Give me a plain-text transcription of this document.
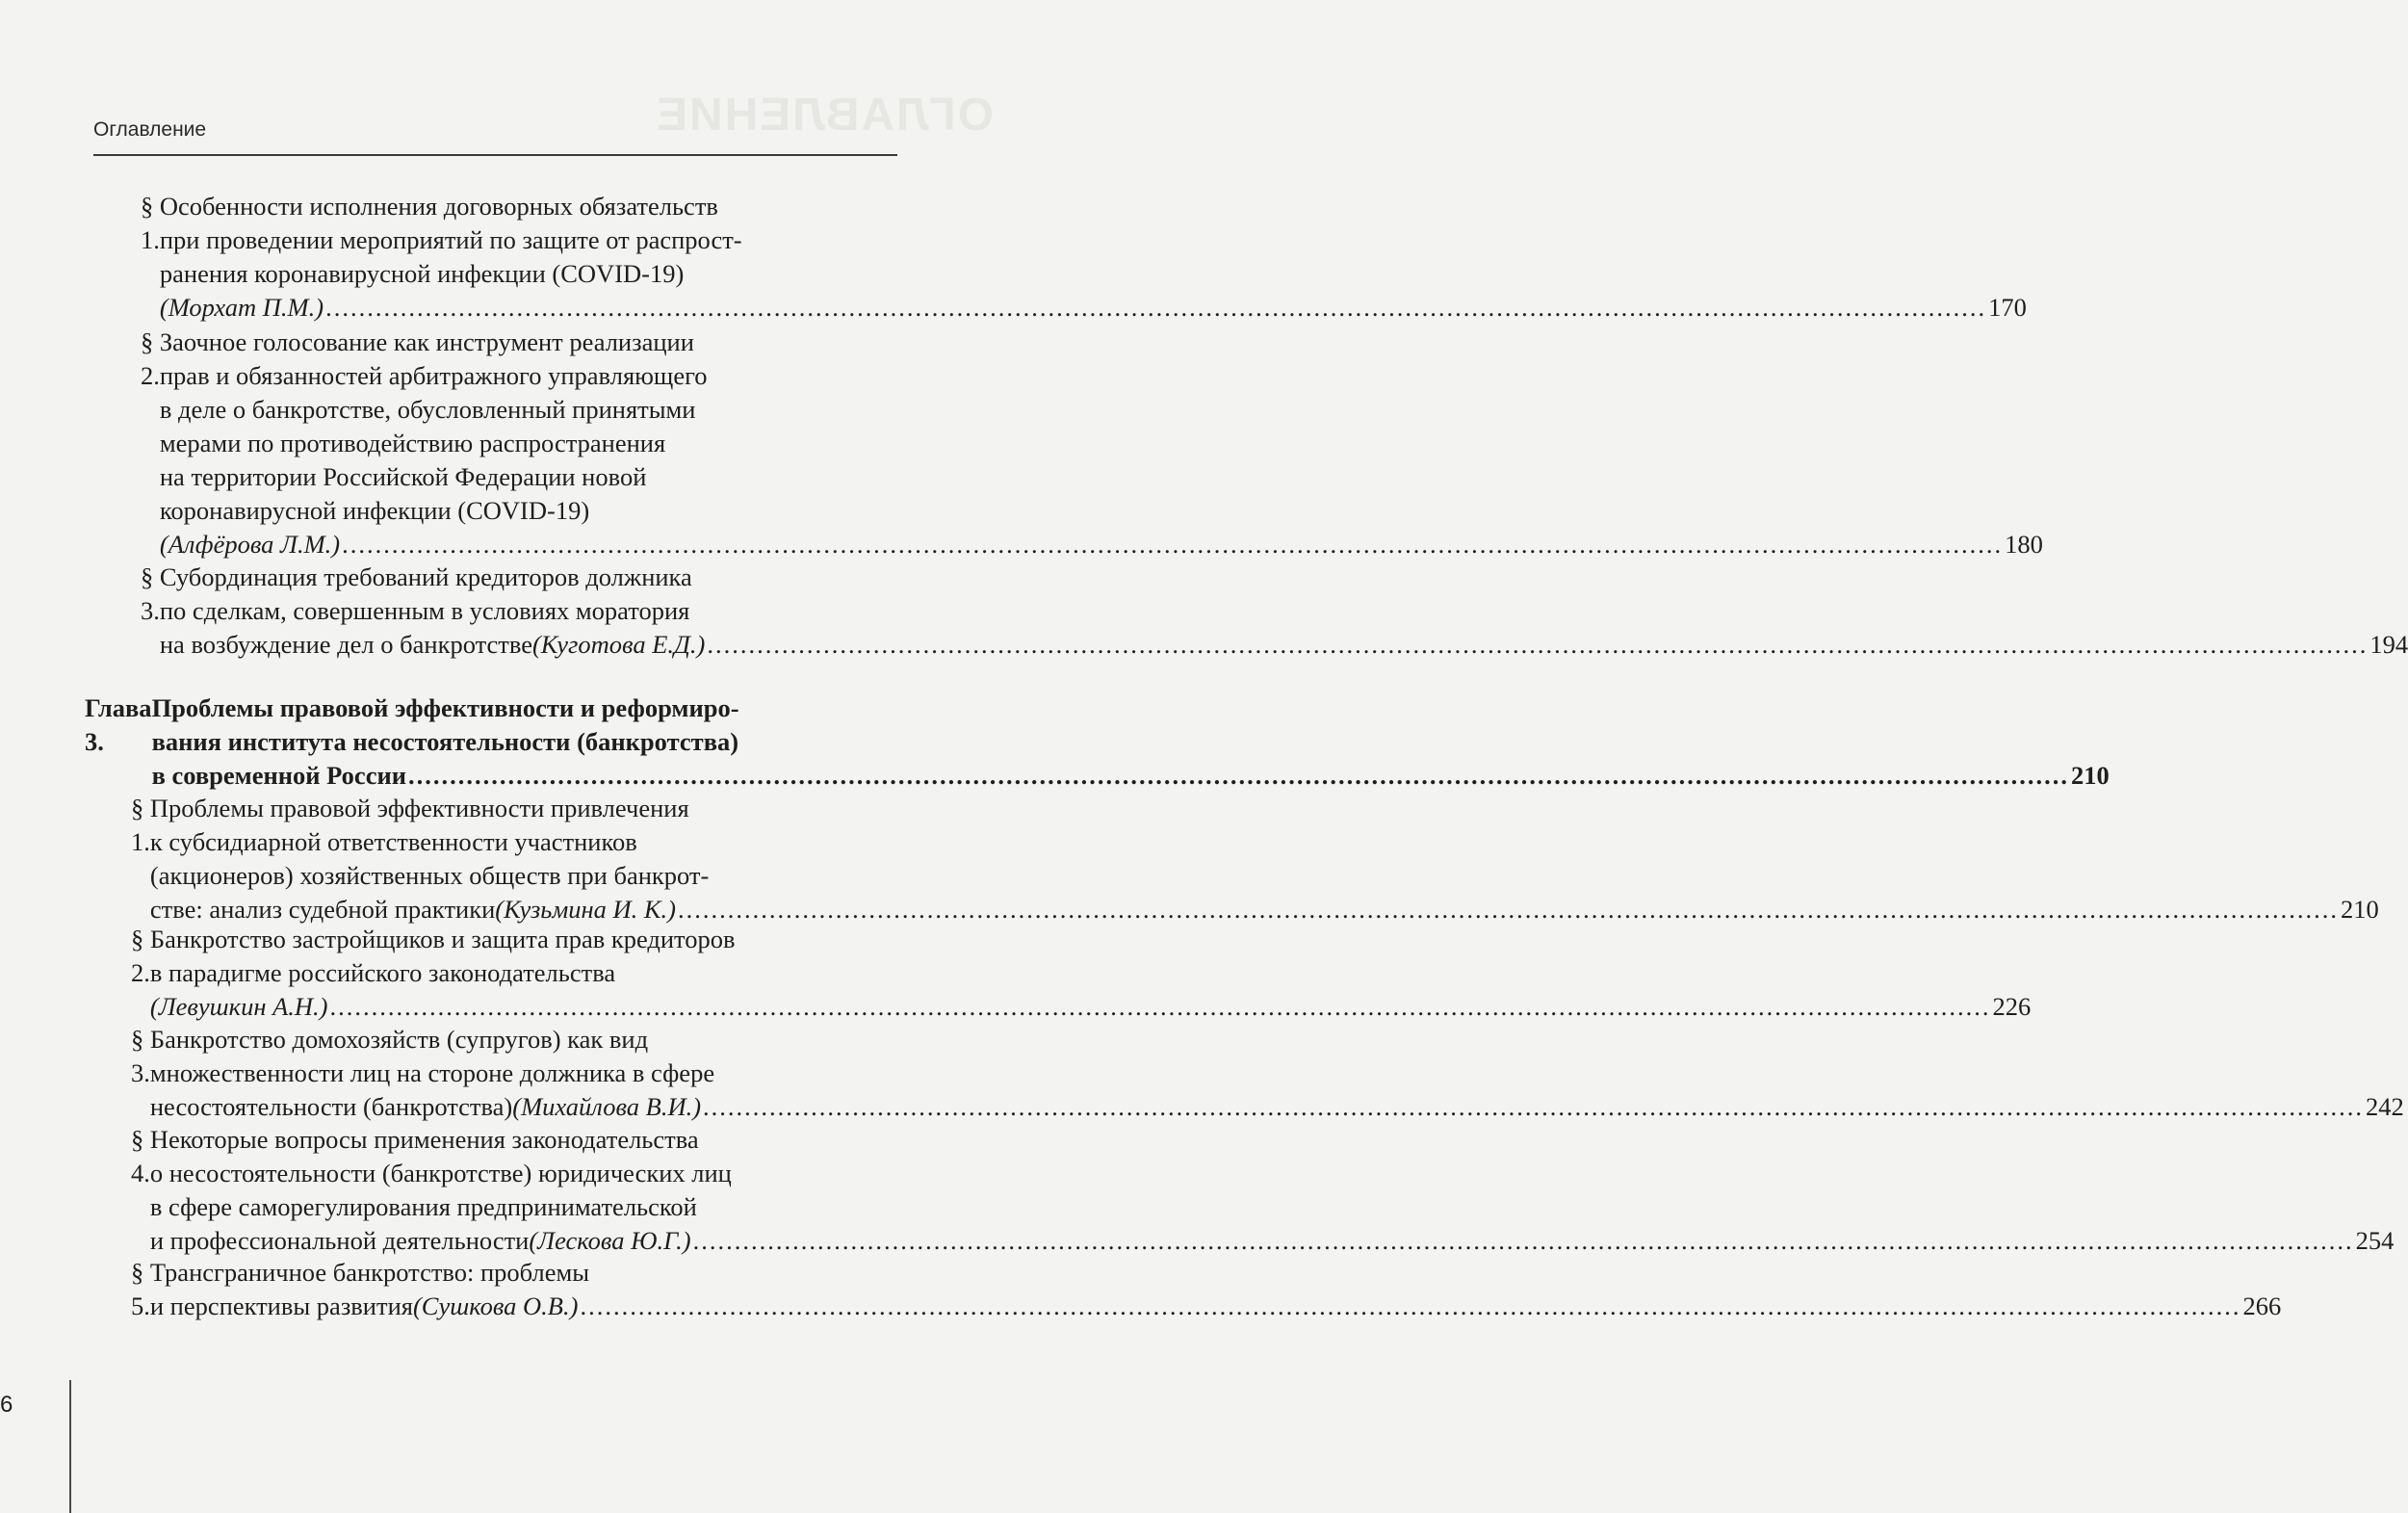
ОГЛАВЛЕНИЕ
Оглавление
§ 1.
Особенности исполнения договорных обязательств
при проведении мероприятий по защите от распрост-
ранения коронавирусной инфекции (COVID-19)
(Морхат П.М.) .....	170
§ 2.
Заочное голосование как инструмент реализации
прав и обязанностей арбитражного управляющего
в деле о банкротстве, обусловленный принятыми
мерами по противодействию распространения
на территории Российской Федерации новой
коронавирусной инфекции (COVID-19)
(Алфёрова Л.М.) .....	180
§ 3.
Субординация требований кредиторов должника
по сделкам, совершенным в условиях моратория
на возбуждение дел о банкротстве (Куготова Е.Д.) .....	194
Глава 3.
Проблемы правовой эффективности и реформиро-
вания института несостоятельности (банкротства)
в современной России .....	210
§ 1.
Проблемы правовой эффективности привлечения
к субсидиарной ответственности участников
(акционеров) хозяйственных обществ при банкрот-
стве: анализ судебной практики (Кузьмина И. К.) .....	210
§ 2.
Банкротство застройщиков и защита прав кредиторов
в парадигме российского законодательства
(Левушкин А.Н.) .....	226
§ 3.
Банкротство домохозяйств (супругов) как вид
множественности лиц на стороне должника в сфере
несостоятельности (банкротства) (Михайлова В.И.) .....	242
§ 4.
Некоторые вопросы применения законодательства
о несостоятельности (банкротстве) юридических лиц
в сфере саморегулирования предпринимательской
и профессиональной деятельности (Лескова Ю.Г.) .....	254
§ 5.
Трансграничное банкротство: проблемы
и перспективы развития (Сушкова О.В.) .....	266
6
